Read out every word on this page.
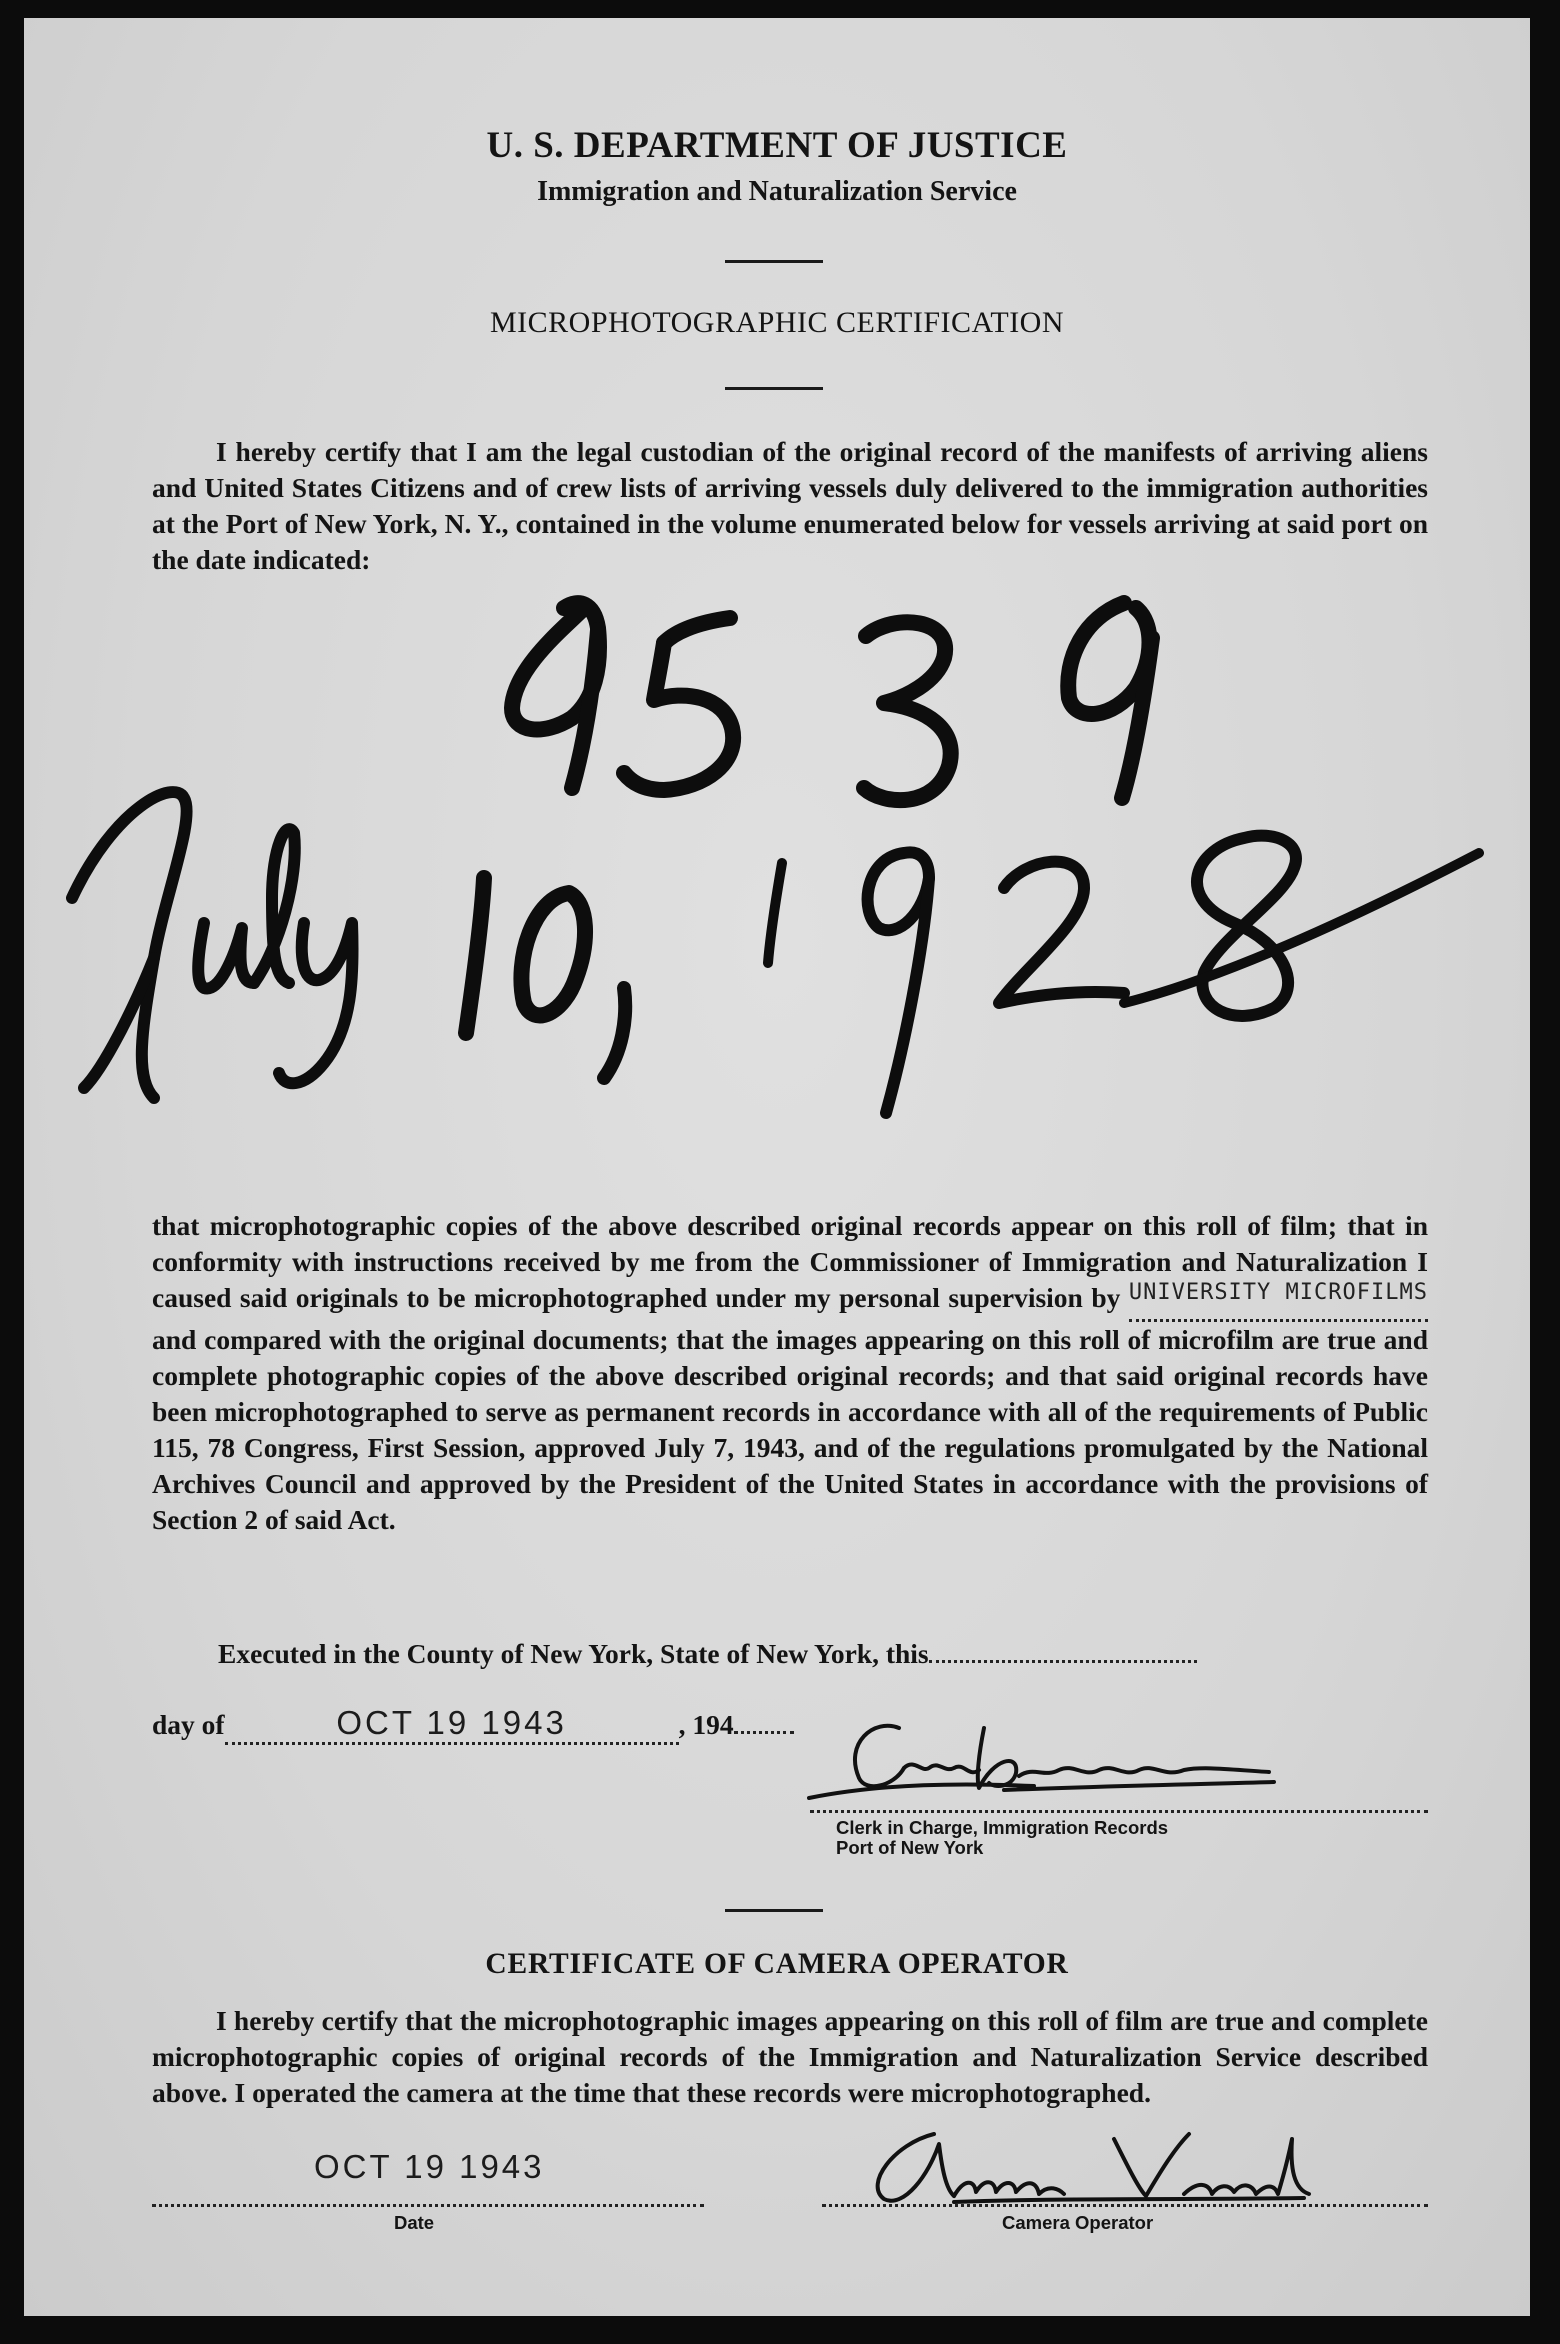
U. S. DEPARTMENT OF JUSTICE
Immigration and Naturalization Service
MICROPHOTOGRAPHIC CERTIFICATION
I hereby certify that I am the legal custodian of the original record of the manifests of arriving aliens and United States Citizens and of crew lists of arriving vessels duly delivered to the immigration authorities at the Port of New York, N. Y., contained in the volume enumerated below for vessels arriving at said port on the date indicated:
that microphotographic copies of the above described original records appear on this roll of film; that in conformity with instructions received by me from the Commissioner of Immigration and Naturalization I caused said originals to be microphotographed under my personal supervision by $^{UNIVERSITY MICROFILMS}$ and compared with the original documents; that the images appearing on this roll of microfilm are true and complete photographic copies of the above described original records; and that said original records have been microphotographed to serve as permanent records in accordance with all of the requirements of Public 115, 78 Congress, First Session, approved July 7, 1943, and of the regulations promulgated by the National Archives Council and approved by the President of the United States in accordance with the provisions of Section 2 of said Act.
Executed in the County of New York, State of New York, this
day of	OCT 19 1943	, 194
Clerk in Charge, Immigration Records
Port of New York
CERTIFICATE OF CAMERA OPERATOR
I hereby certify that the microphotographic images appearing on this roll of film are true and complete microphotographic copies of original records of the Immigration and Naturalization Service described above. I operated the camera at the time that these records were microphotographed.
OCT 19 1943
Date	Camera Operator
